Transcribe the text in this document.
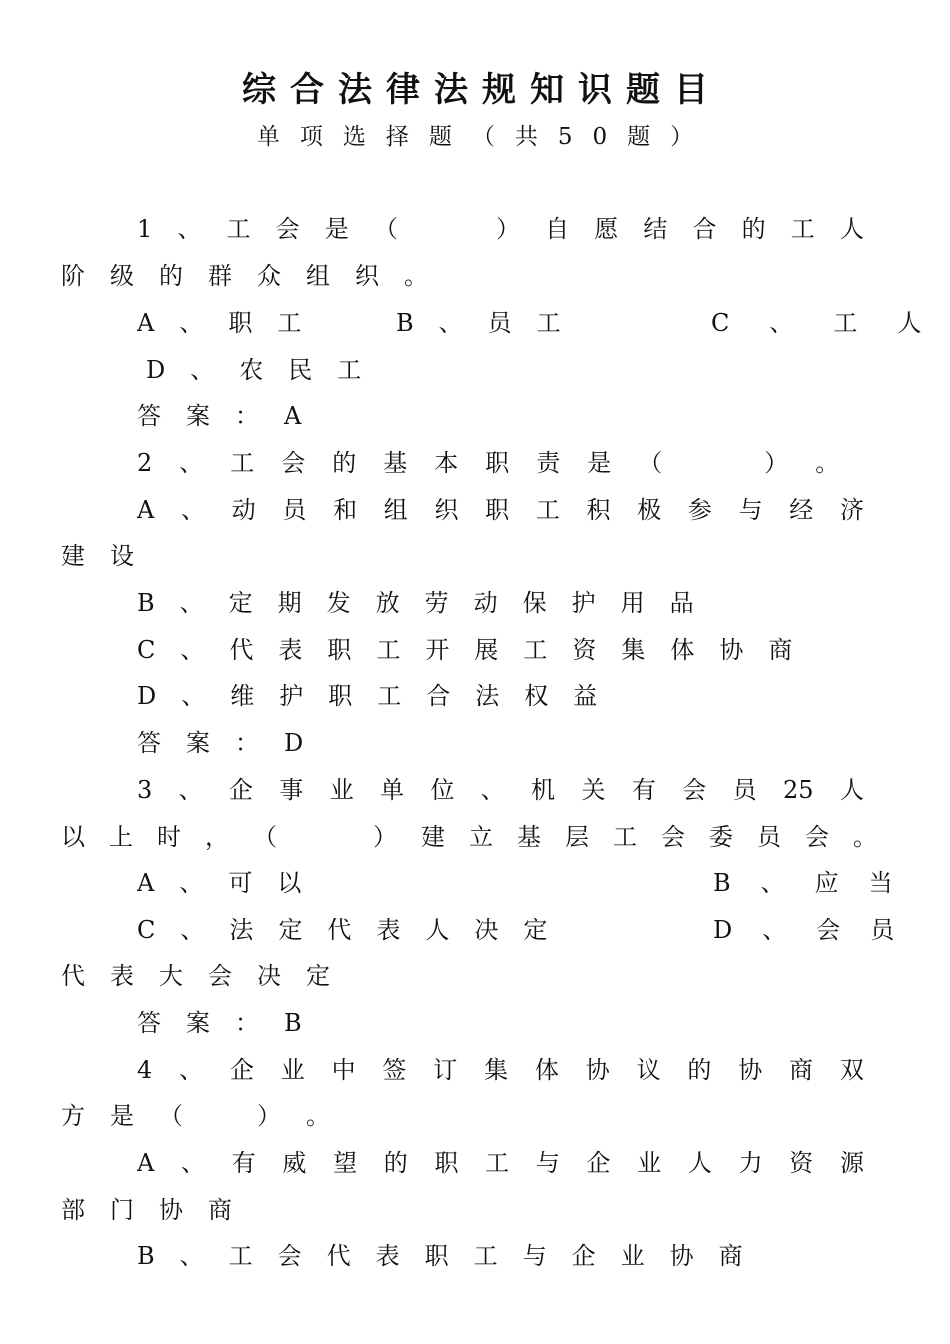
综合法律法规知识题目
单项选择题（共50题）
1 、 工 会 是 （
  	） 自 愿 结 合 的 工 人
阶 级 的 群 众 组 织 。
A 、 职 工	B 、 员 工	C 、 工 人
D 、 农 民 工
答 案 ： A
2 、 工 会 的 基 本 职 责 是 （  	） 。
A 、 动 员 和 组 织 职 工 积 极 参 与 经 济
建 设
B 、 定 期 发 放 劳 动 保 护 用 品
C 、 代 表 职 工 开 展 工 资 集 体 协 商
D 、 维 护 职 工 合 法 权 益
答 案 ： D
3 、 企 事 业 单 位 、 机 关 有 会 员 25 人
以 上 时 ， （
  	） 建 立 基 层 工 会 委 员 会 。
A 、 可 以	B 、 应 当
C 、 法 定 代 表 人 决 定	D 、 会 员
代 表 大 会 决 定
答 案 ： B
4 、 企 业 中 签 订 集 体 协 议 的 协 商 双
方 是 （ 	） 。
A 、 有 威 望 的 职 工 与 企 业 人 力 资 源
部 门 协 商
B 、 工 会 代 表 职 工 与 企 业 协 商
